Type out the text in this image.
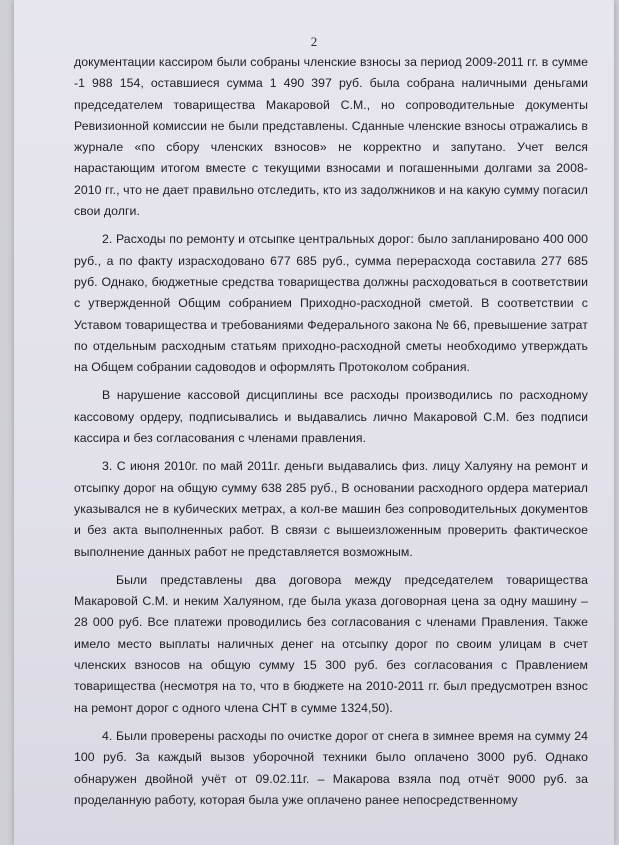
2

документации кассиром были собраны членские взносы за период 2009-2011 гг. в сумме -1 988 154, оставшиеся сумма 1 490 397 руб. была собрана наличными деньгами председателем товарищества Макаровой С.М., но сопроводительные документы Ревизионной комиссии не были представлены. Сданные членские взносы отражались в журнале «по сбору членских взносов» не корректно и запутано. Учет велся нарастающим итогом вместе с текущими взносами и погашенными долгами за 2008-2010 гг., что не дает правильно отследить, кто из задолжников и на какую сумму погасил свои долги.

2. Расходы по ремонту и отсыпке центральных дорог: было запланировано 400 000 руб., а по факту израсходовано 677 685 руб., сумма перерасхода составила 277 685 руб. Однако, бюджетные средства товарищества должны расходоваться в соответствии с утвержденной Общим собранием Приходно-расходной сметой. В соответствии с Уставом товарищества и требованиями Федерального закона № 66, превышение затрат по отдельным расходным статьям приходно-расходной сметы необходимо утверждать на Общем собрании садоводов и оформлять Протоколом собрания.

В нарушение кассовой дисциплины все расходы производились по расходному кассовому ордеру, подписывались и выдавались лично Макаровой С.М. без подписи кассира и без согласования с членами правления.

3. С июня 2010г. по май 2011г. деньги выдавались физ. лицу Халуяну на ремонт и отсыпку дорог на общую сумму 638 285 руб., В основании расходного ордера материал указывался не в кубических метрах, а кол-ве машин без сопроводительных документов и без акта выполненных работ. В связи с вышеизложенным проверить фактическое выполнение данных работ не представляется возможным.

Были представлены два договора между председателем товарищества Макаровой С.М. и неким Халуяном, где была указа договорная цена за одну машину – 28 000 руб. Все платежи проводились без согласования с членами Правления. Также имело место выплаты наличных денег на отсыпку дорог по своим улицам в счет членских взносов на общую сумму 15 300 руб. без согласования с Правлением товарищества (несмотря на то, что в бюджете на 2010-2011 гг. был предусмотрен взнос на ремонт дорог с одного члена СНТ в сумме 1324,50).

4. Были проверены расходы по очистке дорог от снега в зимнее время на сумму 24 100 руб. За каждый вызов уборочной техники было оплачено 3000 руб. Однако обнаружен двойной учёт от 09.02.11г. – Макарова взяла под отчёт 9000 руб. за проделанную работу, которая была уже оплачено ранее непосредственному
